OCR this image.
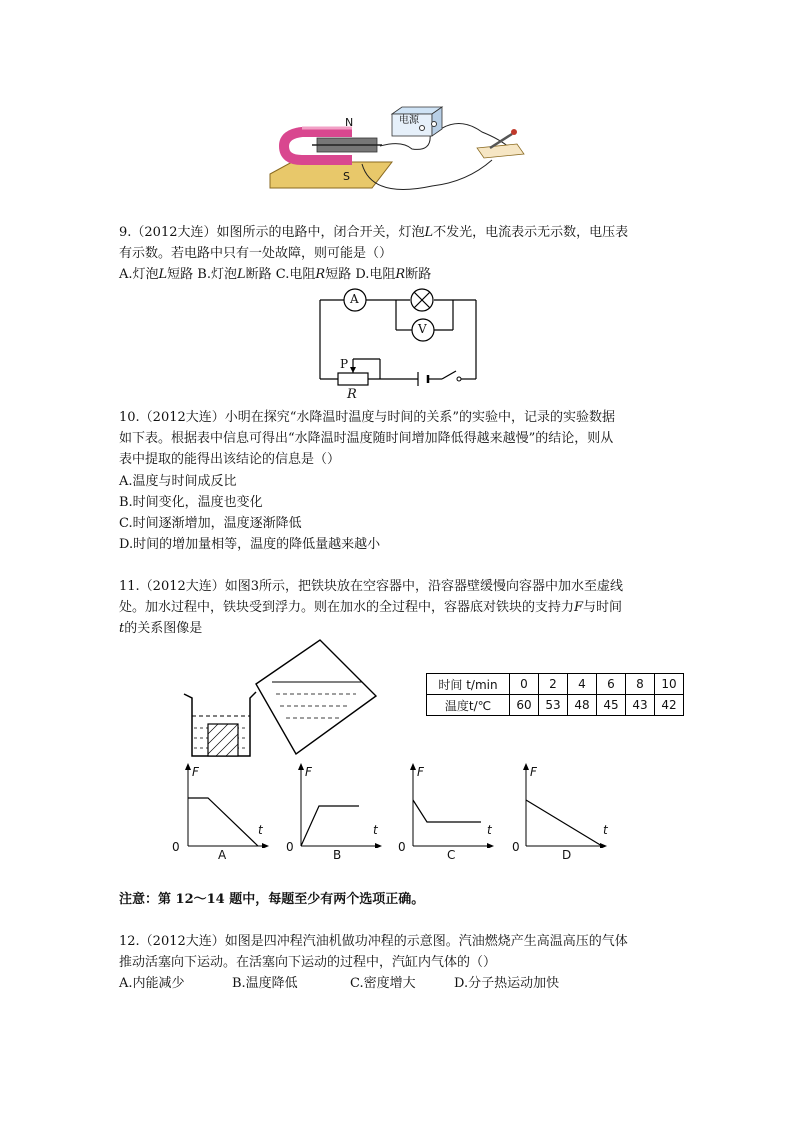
N
S
电源
9.（2012大连）如图所示的电路中，闭合开关，灯泡L不发光，电流表示无示数，电压表
有示数。若电路中只有一处故障，则可能是（）
A.灯泡L短路 B.灯泡L断路 C.电阻R短路 D.电阻R断路
A
V
P
R
10.（2012大连）小明在探究“水降温时温度与时间的关系”的实验中，记录的实验数据
如下表。根据表中信息可得出“水降温时温度随时间增加降低得越来越慢”的结论，则从
表中提取的能得出该结论的信息是（）
A.温度与时间成反比
B.时间变化，温度也变化
C.时间逐渐增加，温度逐渐降低
D.时间的增加量相等，温度的降低量越来越小
11.（2012大连）如图3所示，把铁块放在空容器中，沿容器壁缓慢向容器中加水至虚线
处。加水过程中，铁块受到浮力。则在加水的全过程中，容器底对铁块的支持力F与时间
t的关系图像是
时间 t/min	0	2	4	6	8	10
温度t/℃	60	53	48	45	43	42
F
t
0
A
F
t
0
B
F
t
0
C
F
t
0
D
注意：第 12～14 题中，每题至少有两个选项正确。
12.（2012大连）如图是四冲程汽油机做功冲程的示意图。汽油燃烧产生高温高压的气体
推动活塞向下运动。在活塞向下运动的过程中，汽缸内气体的（）
A.内能减少	B.温度降低	C.密度增大	D.分子热运动加快
